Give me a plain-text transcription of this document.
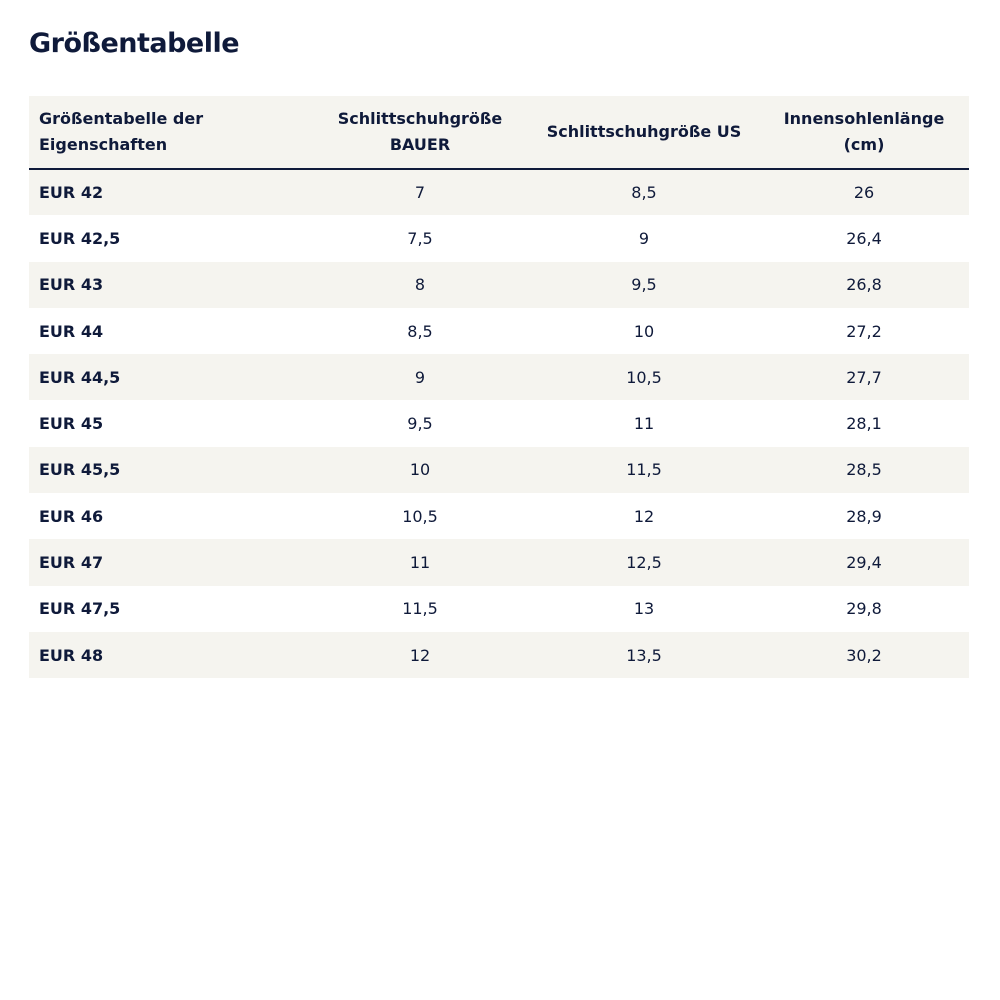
Größentabelle
Größentabelle der Eigenschaften	Schlittschuhgröße BAUER	Schlittschuhgröße US	Innensohlenlänge (cm)
EUR 42	7	8,5	26
EUR 42,5	7,5	9	26,4
EUR 43	8	9,5	26,8
EUR 44	8,5	10	27,2
EUR 44,5	9	10,5	27,7
EUR 45	9,5	11	28,1
EUR 45,5	10	11,5	28,5
EUR 46	10,5	12	28,9
EUR 47	11	12,5	29,4
EUR 47,5	11,5	13	29,8
EUR 48	12	13,5	30,2
